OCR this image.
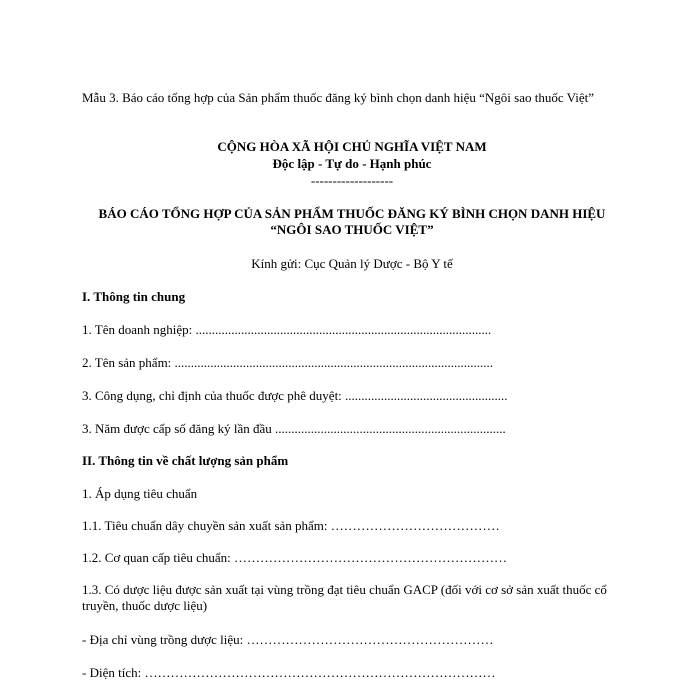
Mẫu 3. Báo cáo tổng hợp của Sản phẩm thuốc đăng ký bình chọn danh hiệu “Ngôi sao thuốc Việt”
CỘNG HÒA XÃ HỘI CHỦ NGHĨA VIỆT NAM
Độc lập - Tự do - Hạnh phúc
-------------------
BÁO CÁO TỔNG HỢP CỦA SẢN PHẨM THUỐC ĐĂNG KÝ BÌNH CHỌN DANH HIỆU “NGÔI SAO THUỐC VIỆT”
Kính gửi: Cục Quản lý Dược - Bộ Y tế
I. Thông tin chung
1. Tên doanh nghiệp: ...........................................................................................
2. Tên sản phẩm: ..................................................................................................
3. Công dụng, chỉ định của thuốc được phê duyệt: ..................................................
3. Năm được cấp số đăng ký lần đầu .......................................................................
II. Thông tin về chất lượng sản phẩm
1. Áp dụng tiêu chuẩn
1.1. Tiêu chuẩn dây chuyền sản xuất sản phẩm: …………………………………
1.2. Cơ quan cấp tiêu chuẩn: ………………………………………………………
1.3. Có dược liệu được sản xuất tại vùng trồng đạt tiêu chuẩn GACP (đối với cơ sở sản xuất thuốc cổ truyền, thuốc dược liệu)
- Địa chỉ vùng trồng dược liệu: …………………………………………………
- Diện tích: ………………………………………………………………………
